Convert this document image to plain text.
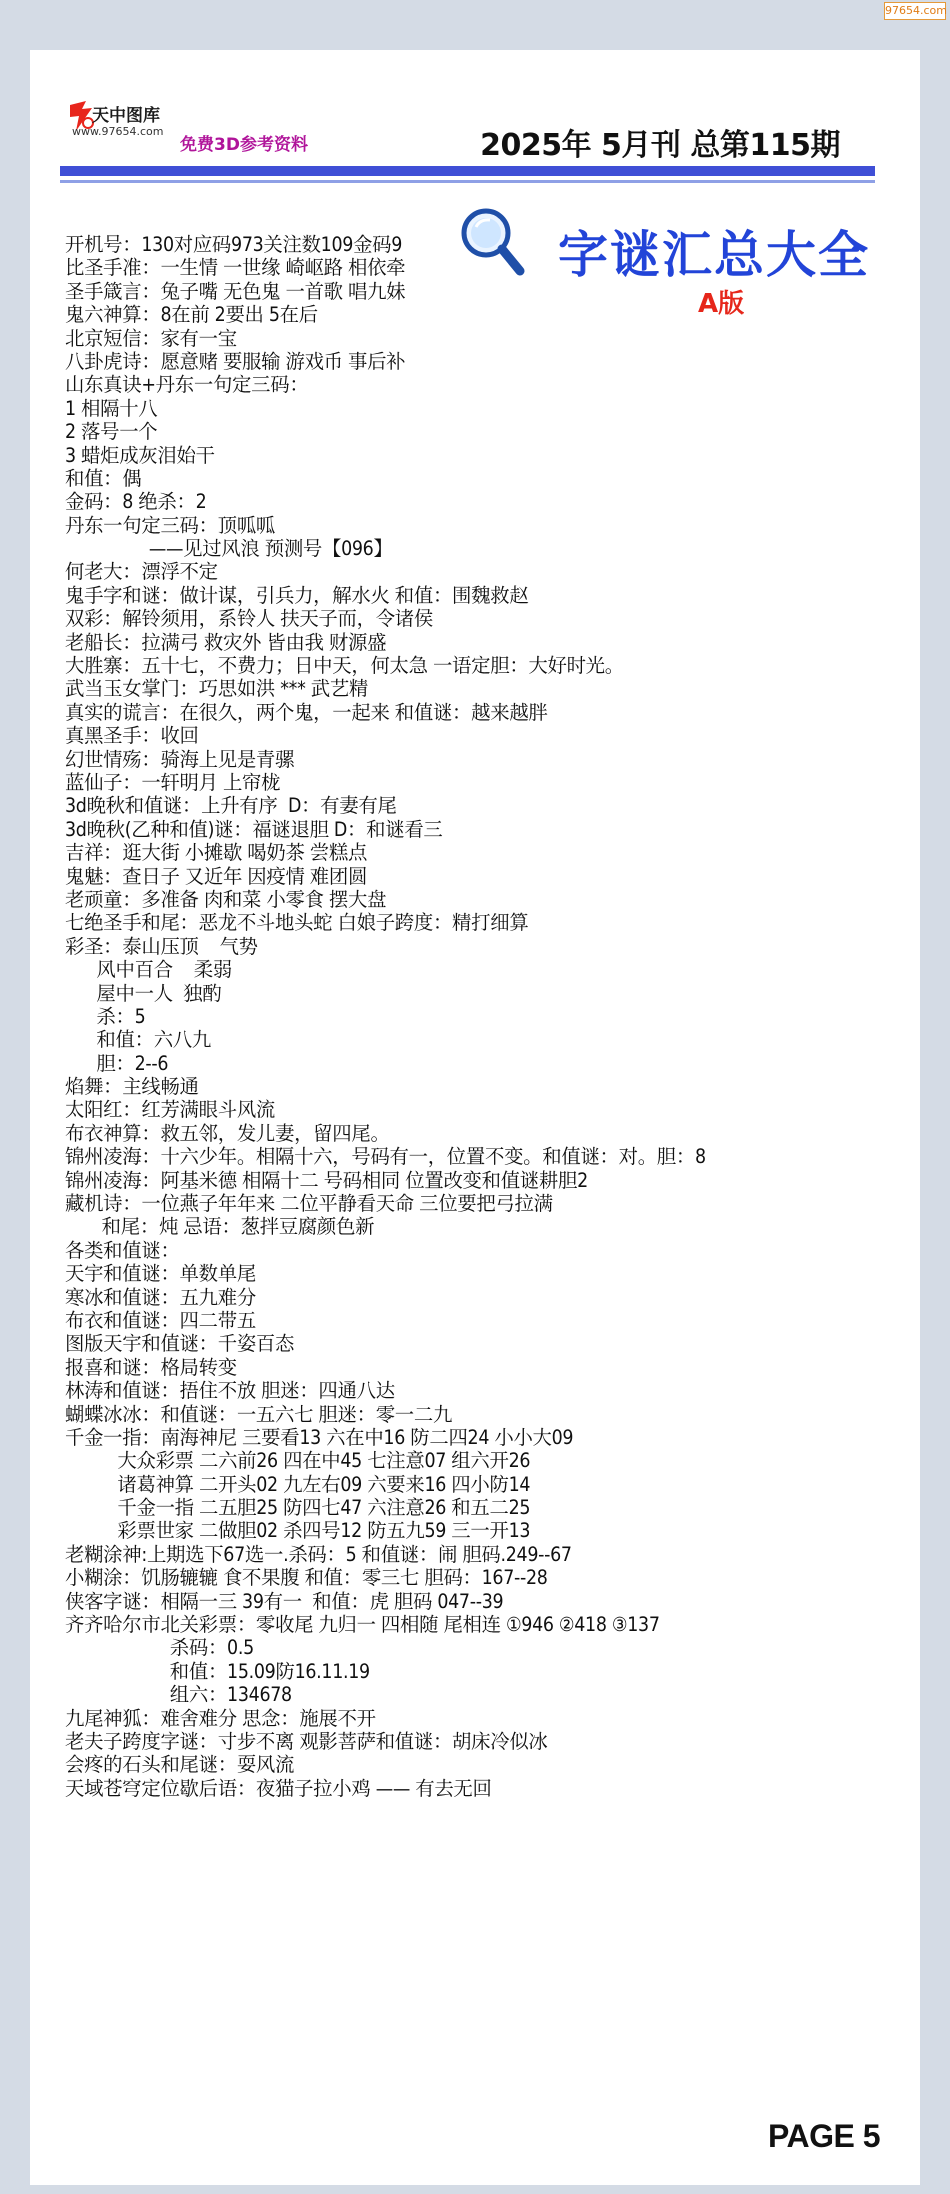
97654.com
天中图库
www.97654.com
免费3D参考资料	2025年 5月刊 总第115期
字谜汇总大全
A版
开机号：130对应码973关注数109金码9
比圣手准：一生情 一世缘 崎岖路 相依牵
圣手箴言：兔子嘴 无色鬼 一首歌 唱九妹
鬼六神算：8在前 2要出 5在后
北京短信：家有一宝
八卦虎诗：愿意赌 要服输 游戏币 事后补
山东真诀+丹东一句定三码：
1 相隔十八
2 落号一个
3 蜡炬成灰泪始干
和值：偶
金码：8 绝杀：2
丹东一句定三码：顶呱呱
——见过风浪 预测号【096】
何老大：漂浮不定
鬼手字和谜：做计谋，引兵力，解水火 和值：围魏救赵
双彩：解铃须用，系铃人 扶天子而，令诸侯
老船长：拉满弓 救灾外 皆由我 财源盛
大胜寨：五十七，不费力；日中天，何太急 一语定胆：大好时光。
武当玉女掌门：巧思如洪 *** 武艺精
真实的谎言：在很久，两个鬼，一起来 和值谜：越来越胖
真黑圣手：收回
幻世情殇：骑海上见是青骡
蓝仙子：一轩明月 上帘栊
3d晚秋和值谜：上升有序  D：有妻有尾
3d晚秋(乙种和值)谜：福谜退胆 D：和谜看三
吉祥：逛大街 小摊歇 喝奶茶 尝糕点
鬼魅：查日子 又近年 因疫情 难团圆
老顽童：多准备 肉和菜 小零食 摆大盘
七绝圣手和尾：恶龙不斗地头蛇 白娘子跨度：精打细算
彩圣：泰山压顶    气势
风中百合    柔弱
屋中一人  独酌
杀：5
和值：六八九
胆：2--6
焰舞：主线畅通
太阳红：红芳满眼斗风流
布衣神算：救五邻，发儿妻，留四尾。
锦州凌海：十六少年。相隔十六，号码有一，位置不变。和值谜：对。胆：8
锦州凌海：阿基米德 相隔十二 号码相同 位置改变和值谜耕胆2
藏机诗：一位燕子年年来 二位平静看天命 三位要把弓拉满
和尾：炖 忌语：葱拌豆腐颜色新
各类和值谜：
天宇和值谜：单数单尾
寒冰和值谜：五九难分
布衣和值谜：四二带五
图版天宇和值谜：千姿百态
报喜和谜：格局转变
林涛和值谜：捂住不放 胆迷：四通八达
蝴蝶冰冰：和值谜：一五六七 胆迷：零一二九
千金一指：南海神尼 三要看13 六在中16 防二四24 小小大09
大众彩票 二六前26 四在中45 七注意07 组六开26
诸葛神算 二开头02 九左右09 六要来16 四小防14
千金一指 二五胆25 防四七47 六注意26 和五二25
彩票世家 二做胆02 杀四号12 防五九59 三一开13
老糊涂神:上期选下67选一.杀码：5 和值谜：闹 胆码.249--67
小糊涂：饥肠辘辘 食不果腹 和值：零三七 胆码：167--28
侠客字谜：相隔一三 39有一  和值：虎 胆码 047--39
齐齐哈尔市北关彩票：零收尾 九归一 四相随 尾相连 ①946 ②418 ③137
杀码：0.5
和值：15.09防16.11.19
组六：134678
九尾神狐：难舍难分 思念：施展不开
老夫子跨度字谜：寸步不离 观影菩萨和值谜：胡床冷似冰
会疼的石头和尾谜：耍风流
天域苍穹定位歇后语：夜猫子拉小鸡 —— 有去无回
PAGE 5
